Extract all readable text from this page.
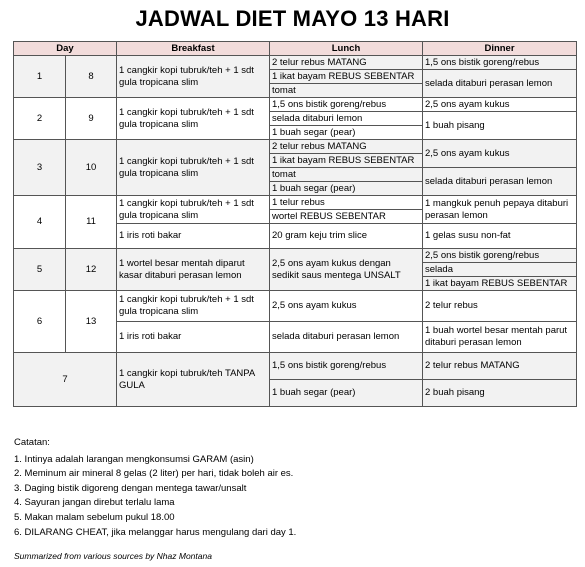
JADWAL DIET MAYO 13 HARI
Day		Breakfast	Lunch	Dinner
1	8	1 cangkir kopi tubruk/teh + 1 sdt gula tropicana slim	2 telur rebus MATANG	1,5 ons bistik goreng/rebus
			1 ikat bayam REBUS SEBENTAR	selada ditaburi perasan lemon
			tomat	
2	9	1 cangkir kopi tubruk/teh + 1 sdt gula tropicana slim	1,5 ons bistik goreng/rebus	2,5 ons ayam kukus
			selada ditaburi lemon	1 buah pisang
			1 buah segar (pear)	
3	10	1 cangkir kopi tubruk/teh + 1 sdt gula tropicana slim	2 telur rebus MATANG	2,5 ons ayam kukus
			1 ikat bayam REBUS SEBENTAR	
			tomat	selada ditaburi perasan lemon
			1 buah segar (pear)	
4	11	1 cangkir kopi tubruk/teh + 1 sdt gula tropicana slim	1 telur rebus	1 mangkuk penuh pepaya ditaburi perasan lemon
			wortel REBUS SEBENTAR	
		1 iris roti bakar	20 gram keju trim slice	1 gelas susu non-fat
5	12	1 wortel besar mentah diparut kasar ditaburi perasan lemon	2,5 ons ayam kukus dengan sedikit saus mentega UNSALT	2,5 ons bistik goreng/rebus
				selada
				1 ikat bayam REBUS SEBENTAR
6	13	1 cangkir kopi tubruk/teh + 1 sdt gula tropicana slim	2,5 ons ayam kukus	2 telur rebus
		1 iris roti bakar	selada ditaburi perasan lemon	1 buah wortel besar mentah parut ditaburi perasan lemon
7		1 cangkir kopi tubruk/teh TANPA GULA	1,5 ons bistik goreng/rebus	2 telur rebus MATANG
			1 buah segar (pear)	2 buah pisang
Catatan:
1. Intinya adalah larangan mengkonsumsi GARAM (asin)
2. Meminum air mineral 8 gelas (2 liter) per hari, tidak boleh air es.
3. Daging bistik digoreng dengan mentega tawar/unsalt
4. Sayuran jangan direbut terlalu lama
5. Makan malam sebelum pukul 18.00
6. DILARANG CHEAT, jika melanggar harus mengulang dari day 1.
Summarized from various sources by Nhaz Montana
